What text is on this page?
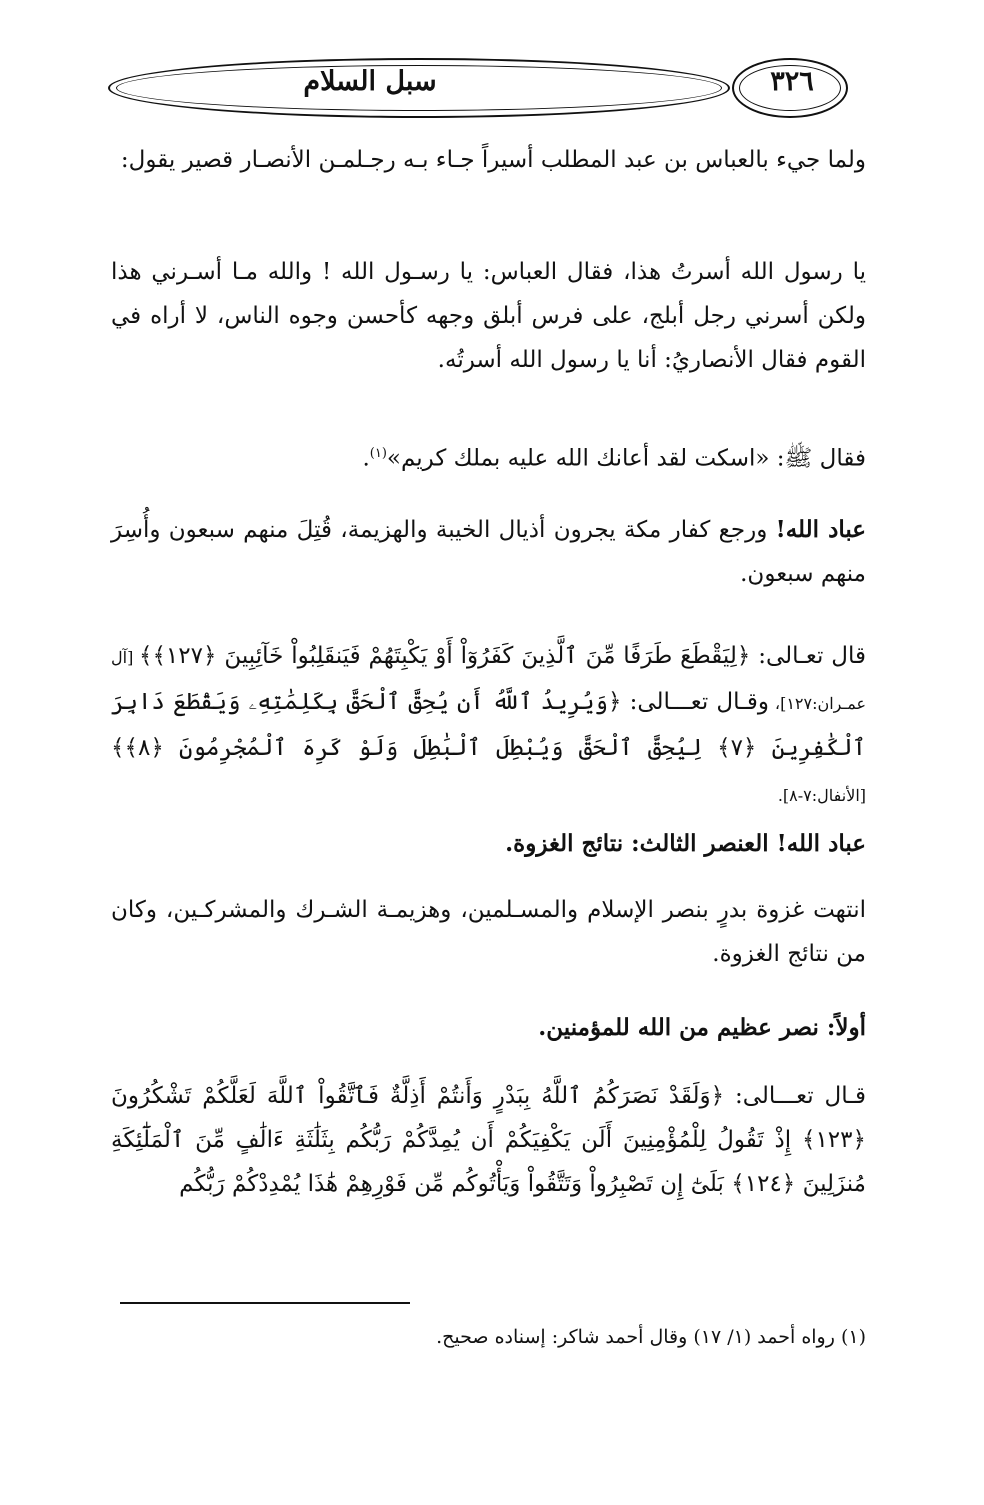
سبل السلام	٣٢٦
ولما جيء بالعباس بن عبد المطلب أسيراً جـاء بـه رجـلمـن الأنصـار قصير يقول:
يا رسول الله أسرتُ هذا، فقال العباس: يا رسـول الله ! والله مـا أسـرني هذا ولكن أسرني رجل أبلج، على فرس أبلق وجهه كأحسن وجوه الناس، لا أراه في القوم فقال الأنصاريُ: أنا يا رسول الله أسرتُه.
فقال ﷺ: «اسكت لقد أعانك الله عليه بملك كريم»$^{(١)}$.
عباد الله! ورجع كفار مكة يجرون أذيال الخيبة والهزيمة، قُتِلَ منهم سبعون وأُسِرَ منهم سبعون.
قال تعـالى: ﴿لِيَقْطَعَ طَرَفًا مِّنَ ٱلَّذِينَ كَفَرُوٓاْ أَوْ يَكْبِتَهُمْ فَيَنقَلِبُواْ خَآئِبِينَ ﴿١٢٧﴾﴾ [آل عمـران:١٢٧]، وقـال تعـــالى: ﴿وَيُرِيدُ ٱللَّهُ أَن يُحِقَّ ٱلْحَقَّ بِكَلِمَٰتِهِۦ وَيَقْطَعَ دَابِرَ ٱلْكَٰفِرِينَ ﴿٧﴾ لِيُحِقَّ ٱلْحَقَّ وَيُبْطِلَ ٱلْبَٰطِلَ وَلَوْ كَرِهَ ٱلْمُجْرِمُونَ ﴿٨﴾﴾ [الأنفال:٧-٨].
عباد الله! العنصر الثالث: نتائج الغزوة.
انتهت غزوة بدرٍ بنصر الإسلام والمسـلمين، وهزيمـة الشـرك والمشركـين، وكان من نتائج الغزوة.
أولاً: نصر عظيم من الله للمؤمنين.
قـال تعـــالى: ﴿وَلَقَدْ نَصَرَكُمُ ٱللَّهُ بِبَدْرٍ وَأَنتُمْ أَذِلَّةٌ فَٱتَّقُواْ ٱللَّهَ لَعَلَّكُمْ تَشْكُرُونَ ﴿١٢٣﴾ إِذْ تَقُولُ لِلْمُؤْمِنِينَ أَلَن يَكْفِيَكُمْ أَن يُمِدَّكُمْ رَبُّكُم بِثَلَٰثَةِ ءَالَٰفٍ مِّنَ ٱلْمَلَٰٓئِكَةِ مُنزَلِينَ ﴿١٢٤﴾ بَلَىٰٓ إِن تَصْبِرُواْ وَتَتَّقُواْ وَيَأْتُوكُم مِّن فَوْرِهِمْ هَٰذَا يُمْدِدْكُمْ رَبُّكُم
(١) رواه أحمد (١/ ١٧) وقال أحمد شاكر: إسناده صحيح.
